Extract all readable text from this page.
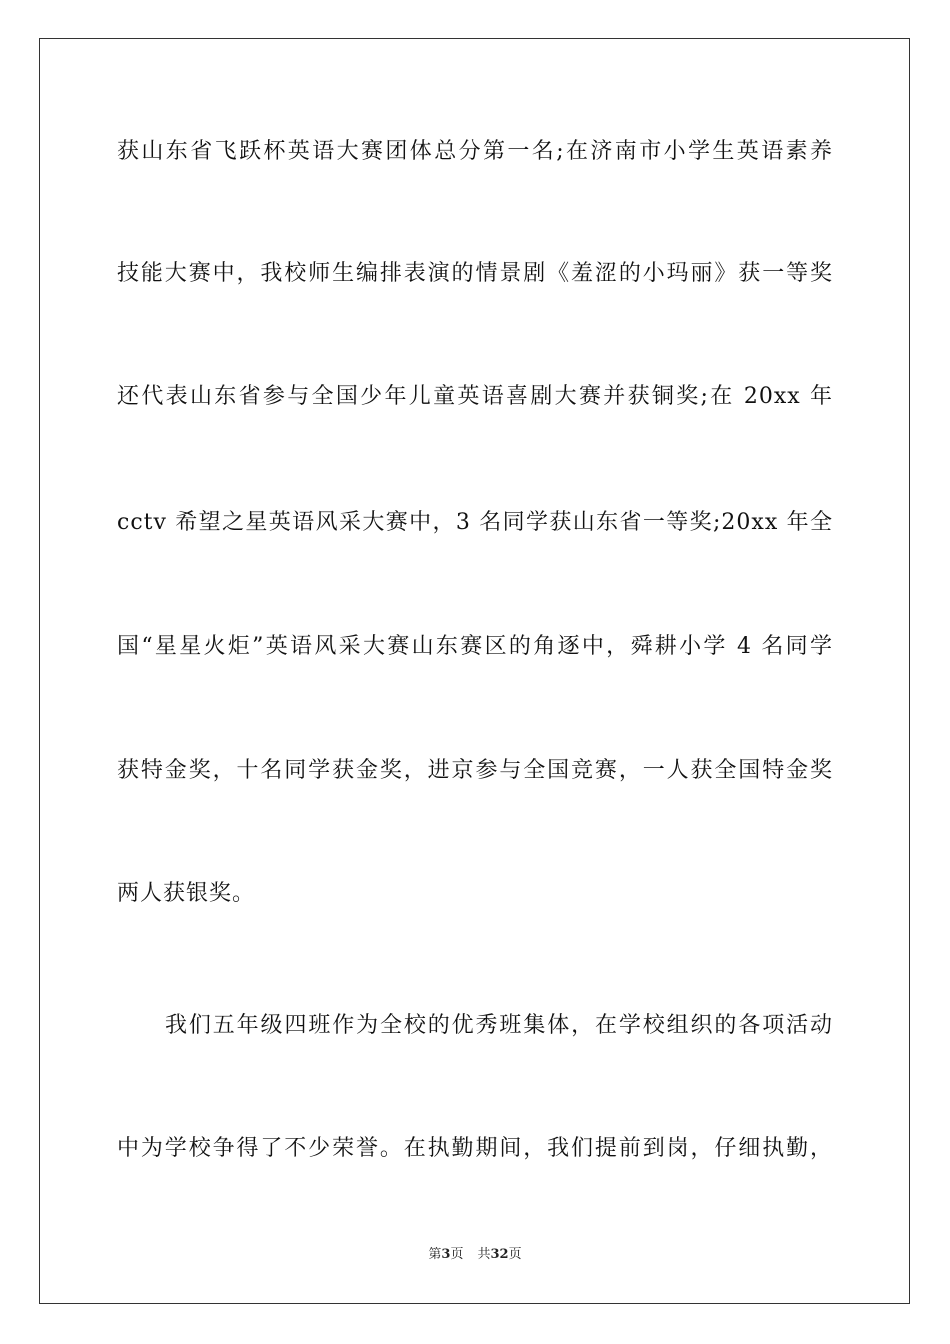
获山东省飞跃杯英语大赛团体总分第一名;在济南市小学生英语素养
技能大赛中，我校师生编排表演的情景剧《羞涩的小玛丽》获一等奖
还代表山东省参与全国少年儿童英语喜剧大赛并获铜奖;在 20xx 年
cctv 希望之星英语风采大赛中，3 名同学获山东省一等奖;20xx 年全
国“星星火炬”英语风采大赛山东赛区的角逐中，舜耕小学 4 名同学
获特金奖，十名同学获金奖，进京参与全国竞赛，一人获全国特金奖
两人获银奖。
我们五年级四班作为全校的优秀班集体，在学校组织的各项活动
中为学校争得了不少荣誉。在执勤期间，我们提前到岗，仔细执勤，
第3页 共32页
